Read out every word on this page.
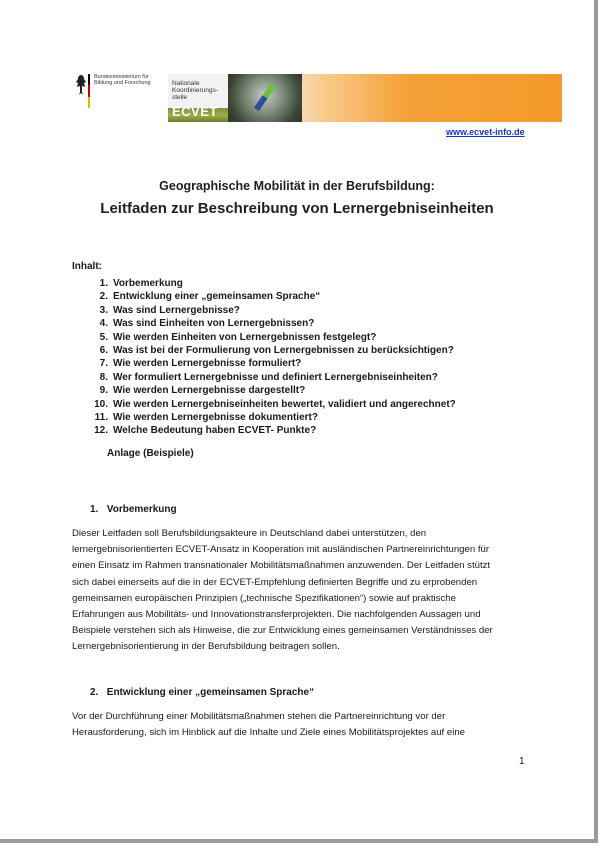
Bundesministerium für Bildung und Forschung	Nationale Koordinierungs-stelle
ECVET
www.ecvet-info.de
Geographische Mobilität in der Berufsbildung:
Leitfaden zur Beschreibung von Lernergebniseinheiten
Inhalt:
1. Vorbemerkung
2. Entwicklung einer „gemeinsamen Sprache“
3. Was sind Lernergebnisse?
4. Was sind Einheiten von Lernergebnissen?
5. Wie werden Einheiten von Lernergebnissen festgelegt?
6. Was ist bei der Formulierung von Lernergebnissen zu berücksichtigen?
7. Wie werden Lernergebnisse formuliert?
8. Wer formuliert Lernergebnisse und definiert Lernergebniseinheiten?
9. Wie werden Lernergebnisse dargestellt?
10. Wie werden Lernergebniseinheiten bewertet, validiert und angerechnet?
11. Wie werden Lernergebnisse dokumentiert?
12. Welche Bedeutung haben ECVET- Punkte?
Anlage (Beispiele)
1. Vorbemerkung
Dieser Leitfaden soll Berufsbildungsakteure in Deutschland dabei unterstützen, den
lernergebnisorientierten ECVET-Ansatz in Kooperation mit ausländischen Partnereinrichtungen für
einen Einsatz im Rahmen transnationaler Mobilitätsmaßnahmen anzuwenden. Der Leitfaden stützt
sich dabei einerseits auf die in der ECVET-Empfehlung definierten Begriffe und zu erprobenden
gemeinsamen europäischen Prinzipien („technische Spezifikationen“) sowie auf praktische
Erfahrungen aus Mobilitäts- und Innovationstransferprojekten. Die nachfolgenden Aussagen und
Beispiele verstehen sich als Hinweise, die zur Entwicklung eines gemeinsamen Verständnisses der
Lernergebnisorientierung in der Berufsbildung beitragen sollen.
2. Entwicklung einer „gemeinsamen Sprache“
Vor der Durchführung einer Mobilitätsmaßnahmen stehen die Partnereinrichtung vor der
Herausforderung, sich im Hinblick auf die Inhalte und Ziele eines Mobilitätsprojektes auf eine
1
